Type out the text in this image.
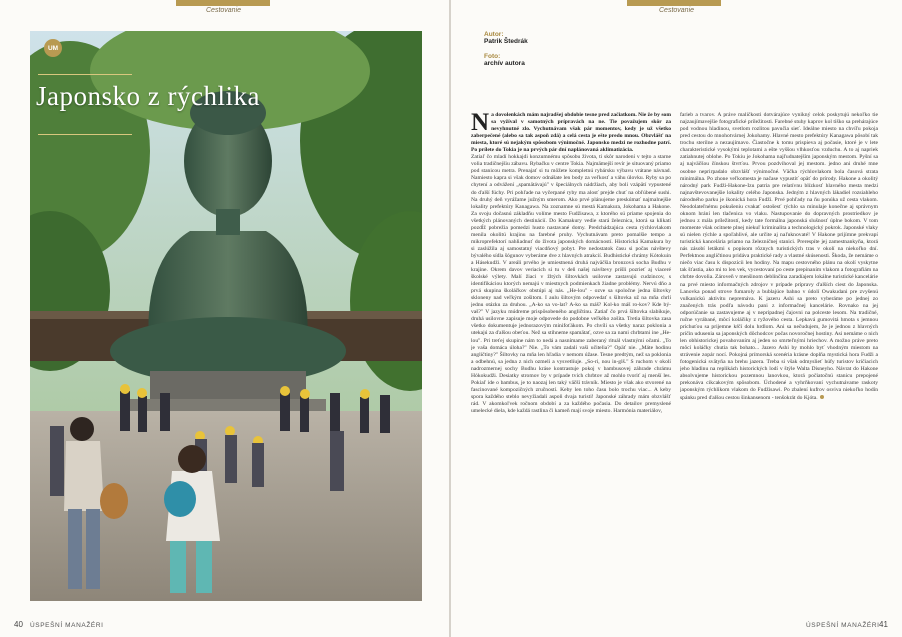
Cestovanie
UM
Japonsko z rýchlika
40 ÚSPEŠNÍ MANAŽÉRI
Cestovanie
Autor:
Patrik Štedrák
Foto:
archív autora
N a dovolenkách mám najradšej obdobie tesne pred začiatkom. Nie že by som sa vyžíval v samotných prípravách na ne. Tie považujem skôr za nevyhnutné zlo. Vychutnávam však pár momentov, kedy je už všetko zaberpečené (alebo sa tak aspoň zdá) a celá cesta je ešte predo mnou. Obzvlášť na miesta, ktoré sú nejakým spôsobom výnimočné. Japonsko medzi ne rozhodne patrí. Po prílete do Tokia je na prvých pár dní naplánovaná aklimatizácia.

Zatiaľ čo mladí hokkajdi konzumnému spôsobu života, ti skôr narodení v tejto a starne volia tradičnejšiu zábavu. Rybačku v centre Tokia. Najmämejší revír je situovaný priamo pod stanicou metra. Prenajať si tu môžete kompletnú rybársku výbavu vrátane návnad. Namiesto kapra si však domov odnášate len body za veľkosť a váhu úlovku. Ryby sa po chytení a odvážení „spamätávajú" v špeciálnych nádržiach, aby boli vzápätí vypustené do ďalší fúchy. Pri pohľade na vyčerpané ryby ma alosť prejde chuť na obľúbené sushi. Na druhý deň vyrážame južným smerom. Ako prvé plánujeme preskúmať najmalnejšie lokality prefektúry Kanagawa. Na zoznamne sú mestá Kamakura, Jokohama a Hakone. Za svoju dočasnú základňu volíme mesto Fudžisawa, z ktorého sú priame spojenia do všetkých plánovaných destinácií. Do Kamakury vedie stará železnica, ktorá sa klikatí pozdĺž pobrežia pomedzi husto nastavané domy. Predchádzajúca cesta rýchlovlakom menila okolitú krajinu na farebné pruhy. Vychutnávam preto pomalšie tempo a mikroprefektorí nahliadnuť do života japonských domácností. Historická Kamakura by si zaslúžila aj samostatný viacdňový pobyt. Pre nedostatok času si počas návštevy bývalého sídla šógunov vyberáme dve z hlavných atrakcií. Budhistické chrámy Kótokuin a Hásekudži. V areáli prvého je umiestnená druhá najväčšia bronzová socha Budhu v krajine. Okrem davov veriacich si tu v deň našej návštevy prišli pozrieť aj viaceré školské výlety. Malí žiaci v žltých šiltovkách usilovne zastavujú cudzincov, s identifikáciou ktorých nemajú v miestnych podmienkach žiadne problémy. Nervú dňo a prvá skupina školáčkov obstúpi aj nás. „He-lou" - ozve sa spoločne jedna šiltovky skloneny nad veľkým zošitom. I aulu šiltovým odpovedať s šiltovka už na mňa chrlí jednu otázku za druhou. „A-ko sa vo-lat? A-ko sa máš? Kol-ko máš ro-kov? Kde bý-vaš?" V jazyku múdreme prispôsobeného angličtinu. Zatiaľ čo prvá šiltovka slabikuje, druhá usilovne zapisuje moje odpovede do podobne veľkého zošita. Tretia šiltovka zasa všetko dokumentuje jednorazovým minifoťákom. Po chvíli sa všetky naraz poklonia a utekajú za ďalšou obeťou. Než sa stihneme spamätať, ozve sa za nami chrbtami ine „He-lou". Pri treťej skupine nám to nedá a nasnímame zaberaný rituál vlastnými očami. „To je vaša domáca úloha?" Nie. „To vám zadali vaši učitelia?" Opäť nie. „Máte hodinu angličtiny?" Šiltovky na mňa len hľadia v nemom úžase. Tesne predtým, než sa poklonia a odbehnú, sa jedna z nich ozmeli a vysvetlíuje. „So-ri, nou in-glš." S ruchom v okolí nadrozmernej sochy Budhu kráse kontrastuje pokoj v bambusovej záhrade chrámu Hókokudži. Desiatky stromov by v prípade tvich chrbtov až mohlo tvoriť aj menší les. Pokiaľ ide o bambus, je to naozaj len taký väčší trávník. Miesto je však ako stvorené na fascinované kompozičných zručností. Keby len toho času bolo trochu viac... A keby spora každého steblo nevyžiadali aspoň dvaja turisti! Japonské záhrady mám obzvlášť rád. V akomkoľvek ročnom období a za každého počasia. Do detailov premyslené umelecké diela, kde každá rastlina či kameň mají svoje miesto. Harmónia materiálov,

farieb a tvarov. A práve maličkosti dotvárajúce vynikný celok poskytujú nekoľko tie najzaujímavejšie fotografické príležitosti. Farebné stuhy kaprov kol tiško sa prehárajúce pod vodnou hladinou, svetlom rozlitou pavučia sieť. Ideálne miesto na chvíľu pokoja pred cestou do mnohotvárnej Jokohamy. Hlavné mesto prefektúry Kanagawa pôsobí tak trochu sterilne a nezaujímavo. Čiastočne k tomu prispieva aj počasie, ktoré je v lete charakteristické vysokými teplotami a ešte vyššou vlhkosťou vzduchu. A to aj napriek zatiahnutej oblohe. Po Tokiu je Jokohama najľudnatejším japonským mestom. Pyšní sa aj najväčšou čínskou štvrťou. Prvou pozdvihoval jej mestom. jedno ani druhé mne osobne neprirpadalo obzvlášť výnimočné. Väčka rýchlovlakom bola časová strata minimálna. Po zhone veľkomesta je načase vypustiť opäť do prírody. Hakone a okolitý národný park Fudži-Hakone-Izu patria pre relatívnu blízkosť hlavného mesta medzi najnavštevovanejšie lokality celého Japonska. Jedným z hlavných lákadiel rozsiahleho národného parku je ikonická hora Fudži. Prvé pohľady na ňu ponúka už cesta vlakom. Neodolateľnému pokušeniu cvakať ostošesť rýchlo sa minulaje konečne aj správnym oknom hrání len tlačenica vo vlaku. Nastupovanie do dopravných prostriedkov je jednou z mála príležitostí, kedy tate formálna japonská slušnosť úplne bokom. V tom momente však ocitnete plnej niekuľ kriminalita a technologický pokrok. Japonské vlaky sú nielen rýchle a spoľahlivé, ale určite aj naľuknovaté! V Hakone prijímne prekvapí turistická kancelária priamo na železničnej stanici. Prerespíte jej zamestnankyňa, ktorá nás zásobí letákmi s popisom rôznych turistických tras v okolí na niekoľko dní. Perfektnou angličtinou pridáva praktické rady a vlastné skúsenosti. Škoda, že nemáme o niečo viac času k dispozícii len hodiny. Na mapu cestovného plánu na okolí vyskytne tak šťastia, ako mi to len vek, vycestovaní po ceste prepínaním vlakom a fotografiám na chrbte dovolia. Zároveň v menšinom deblínčina zaradíajem lokálne turistické kancelárie na prvé miesto informačných zdrojov v prípade prípravy ďalších ciest do Japonska. Lanovka ponad strove fumaroly a bublajúce bahno v údolí Owakudani pre zvyšenú vulkanickú aktivitu nepremáva. K jazeru Ashi sa preto vyberáme po jednej zo značených trás podľa návodu pani z informačnej kancelárie. Rovnako na jej odporúčanie sa zastavujeme aj v neprípadnej čajovni na polceste lesom. Na tradičné, ručne vyrábané, môcí koláčiky z ryžového cesta. Lepkavá gumovitá hmota s jemnou príchuťou sa prijemne kŕčí dolu hrdlom. Ani sa nečudujem, že je jednou z hlavných príčin udusenia sa japonských dôchodcov počas novoročnej hostiny. Asi nemáme o nich len obhistorickej povahovaním aj jeden so smrteľnými hriechov. A možno práve preto môcí koláčky chutia tak bohato... Jazero Ashi by mohlo byť vhodným miestom na strávenie zopár nocí. Pokojná prímorská scenéria krásne doplňa mystická hora Fudži a fotogenická svätyňa na brehu jazera. Treba si však odmyslieť húfy turistov kričiacich jeho hladinu na replikách historických lodí v štýle Walta Disneyho. Návrat do Hakone absolvujeme historickou pozemnou lanovkou, ktorá počiatočnú stanicu prepojené prekonáva cikcakovým spôsobom. Úchodené a vyhrňkovaní vychutnávame raskoty japonským rýchlikom vlakom do Fudžisawi. Po zbalení kufrov osviva niekoľko hodín spánku pred ďalšou cestou šinkansenom - tenšokrát do Kjóta.

ÚSPEŠNÍ MANAŽÉRI 41
